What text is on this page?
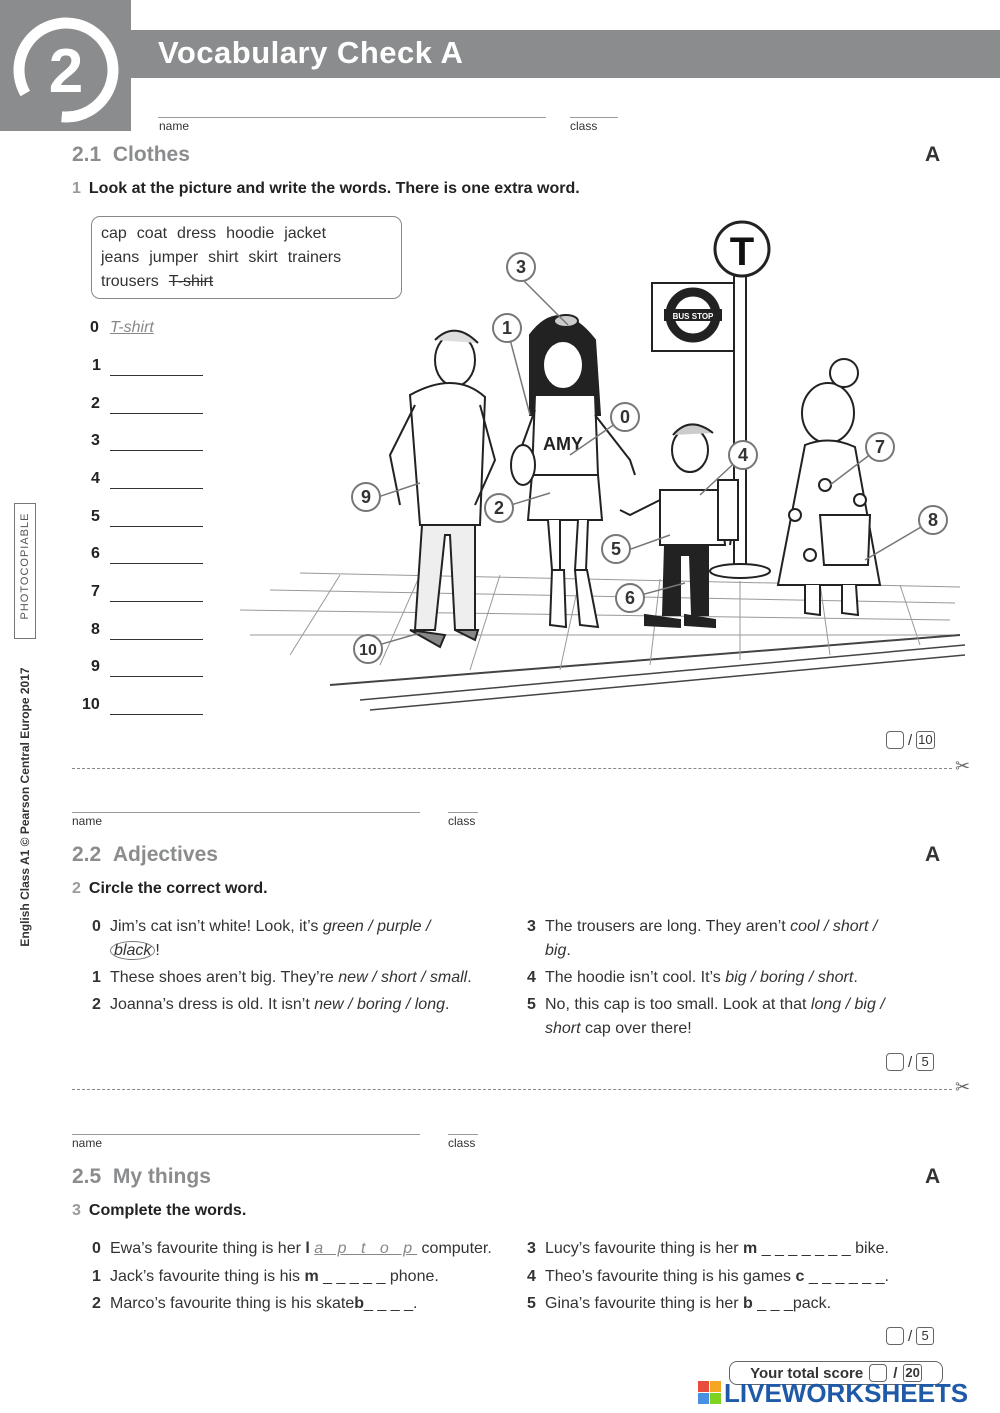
2 Vocabulary Check A
name	class
PHOTOCOPIABLE
English Class A1 © Pearson Central Europe 2017
2.1 Clothes	A
1 Look at the picture and write the words. There is one extra word.
cap coat dress hoodie jacket
jeans jumper shirt skirt trainers
trousers T-shirt
0 T-shirt
1
2
3
4
5
6
7
8
9
10
T
BUS STOP
AMY
3
1
0
4	7
8
9
2
5
6
10
/ 10
✂
name	class
2.2 Adjectives	A
2 Circle the correct word.
0 Jim’s cat isn’t white! Look, it’s green / purple /
black !
1 These shoes aren’t big. They’re new / short / small.
2 Joanna’s dress is old. It isn’t new / boring / long.
3 The trousers are long. They aren’t cool / short /
big.
4 The hoodie isn’t cool. It’s big / boring / short.
5 No, this cap is too small. Look at that long / big /
short cap over there!
/ 5
✂
name	class
2.5 My things	A
3 Complete the words.
0 Ewa’s favourite thing is her l a p t o p computer.
1 Jack’s favourite thing is his m _ _ _ _ _ phone.
2 Marco’s favourite thing is his skateb_ _ _ _.
3 Lucy’s favourite thing is her m _ _ _ _ _ _ _ bike.
4 Theo’s favourite thing is his games c _ _ _ _ _ _.
5 Gina’s favourite thing is her b _ _ _pack.
/ 5
Your total score / 20
LIVEWORKSHEETS
